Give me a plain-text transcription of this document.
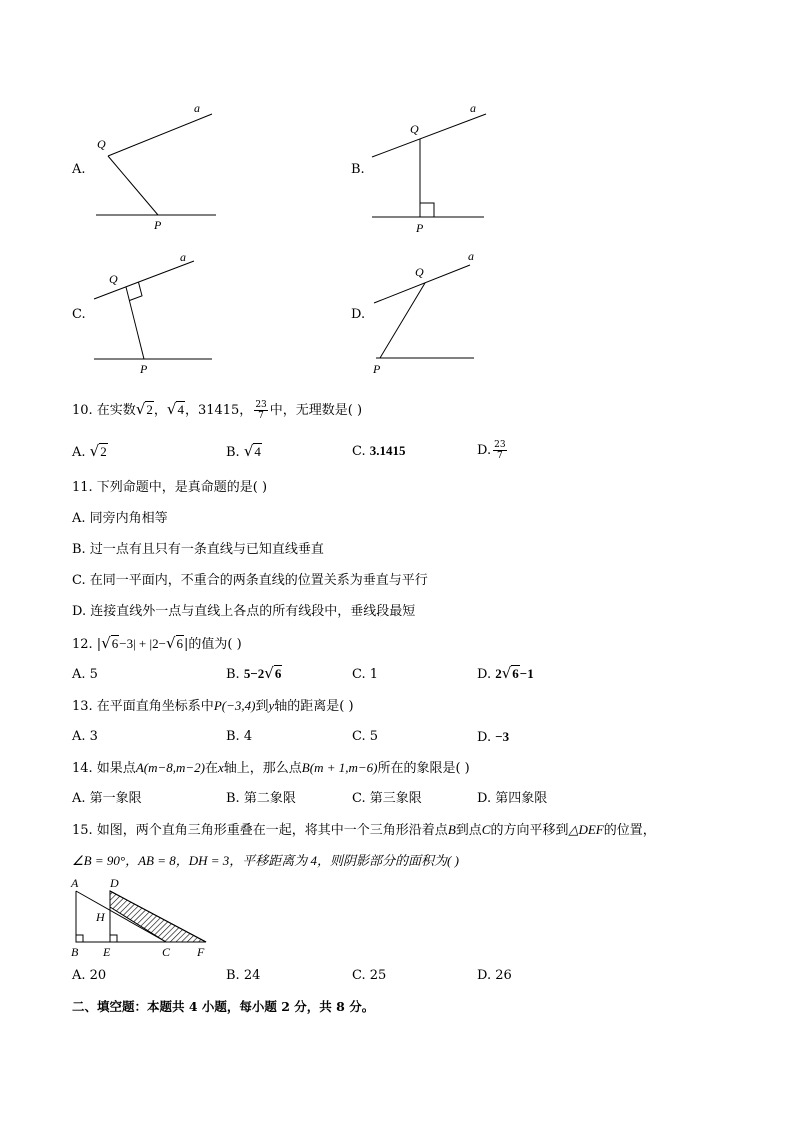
A.
a
Q
P
B.
a
Q
P
C.
a
Q
P
D.
a
Q
P
10. 在实数√2，√4，31415， $\frac{23}{7}$ 中，无理数是( )
A. √2	B. √4	C. 3.1415	D. $\frac{23}{7}$
11. 下列命题中，是真命题的是( )
A. 同旁内角相等
B. 过一点有且只有一条直线与已知直线垂直
C. 在同一平面内，不重合的两条直线的位置关系为垂直与平行
D. 连接直线外一点与直线上各点的所有线段中，垂线段最短
12. |√6−3| + |2−√6|的值为( )
A. 5	B. 5−2√6	C. 1	D. 2√6−1
13. 在平面直角坐标系中P(−3,4)到y轴的距离是( )
A. 3	B. 4	C. 5	D. −3
14. 如果点A(m−8,m−2)在x轴上，那么点B(m + 1,m−6)所在的象限是( )
A. 第一象限	B. 第二象限	C. 第三象限	D. 第四象限
15. 如图，两个直角三角形重叠在一起，将其中一个三角形沿着点B到点C的方向平移到△DEF的位置，
∠B = 90°，AB = 8，DH = 3，平移距离为 4，则阴影部分的面积为( )
A	D
H
B E	C F
A. 20	B. 24	C. 25	D. 26
二、填空题：本题共 4 小题，每小题 2 分，共 8 分。
